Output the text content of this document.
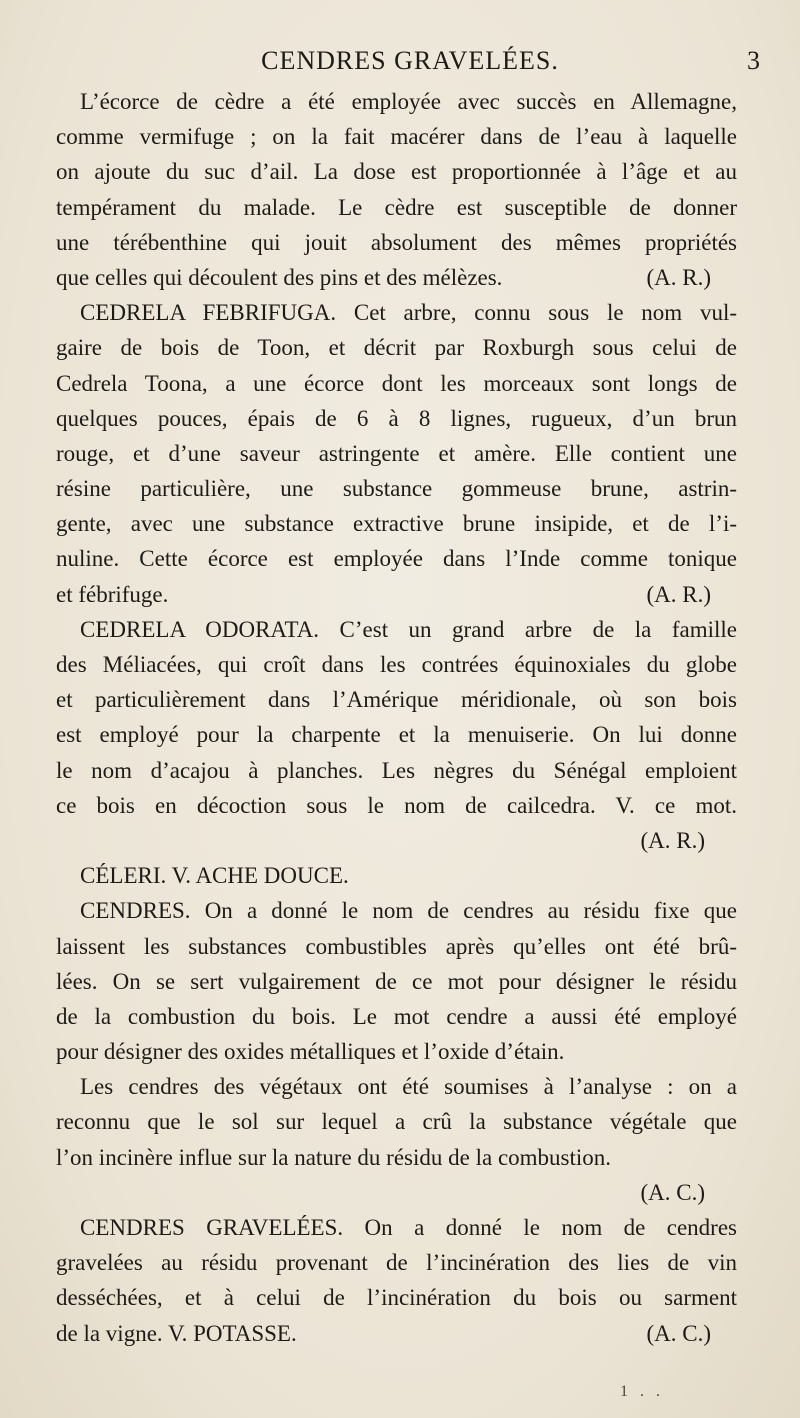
CENDRES GRAVELÉES.	3
L’écorce de cèdre a été employée avec succès en Allemagne,
comme vermifuge ; on la fait macérer dans de l’eau à laquelle
on ajoute du suc d’ail. La dose est proportionnée à l’âge et au
tempérament du malade. Le cèdre est susceptible de donner
une térébenthine qui jouit absolument des mêmes propriétés
que celles qui découlent des pins et des mélèzes.	(A. R.)
CEDRELA FEBRIFUGA. Cet arbre, connu sous le nom vul-
gaire de bois de Toon, et décrit par Roxburgh sous celui de
Cedrela Toona, a une écorce dont les morceaux sont longs de
quelques pouces, épais de 6 à 8 lignes, rugueux, d’un brun
rouge, et d’une saveur astringente et amère. Elle contient une
résine particulière, une substance gommeuse brune, astrin-
gente, avec une substance extractive brune insipide, et de l’i-
nuline. Cette écorce est employée dans l’Inde comme tonique
et fébrifuge.	(A. R.)
CEDRELA ODORATA. C’est un grand arbre de la famille
des Méliacées, qui croît dans les contrées équinoxiales du globe
et particulièrement dans l’Amérique méridionale, où son bois
est employé pour la charpente et la menuiserie. On lui donne
le nom d’acajou à planches. Les nègres du Sénégal emploient
ce bois en décoction sous le nom de cailcedra. V. ce mot.
(A. R.)
CÉLERI. V. ACHE DOUCE.
CENDRES. On a donné le nom de cendres au résidu fixe que
laissent les substances combustibles après qu’elles ont été brû-
lées. On se sert vulgairement de ce mot pour désigner le résidu
de la combustion du bois. Le mot cendre a aussi été employé
pour désigner des oxides métalliques et l’oxide d’étain.
Les cendres des végétaux ont été soumises à l’analyse : on a
reconnu que le sol sur lequel a crû la substance végétale que
l’on incinère influe sur la nature du résidu de la combustion.
(A. C.)
CENDRES GRAVELÉES. On a donné le nom de cendres
gravelées au résidu provenant de l’incinération des lies de vin
desséchées, et à celui de l’incinération du bois ou sarment
de la vigne. V. POTASSE.	(A. C.)
1 . .
